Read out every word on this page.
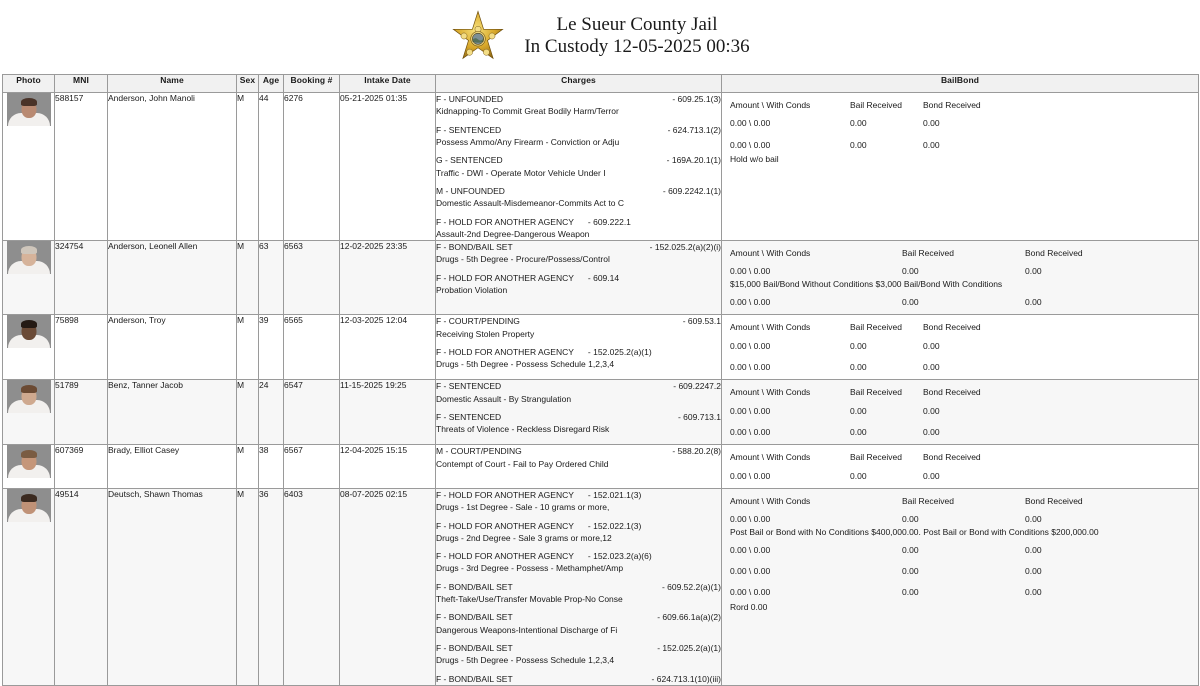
Le Sueur County Jail
In Custody 12-05-2025 00:36
Photo	MNI	Name	Sex	Age	Booking #	Intake Date	Charges	BailBond

	588157	Anderson, John Manoli	M	44	6276	05-21-2025 01:35	F - UNFOUNDED	- 609.25.1(3)
Kidnapping-To Commit Great Bodily Harm/Terror
F - SENTENCED	- 624.713.1(2)
Possess Ammo/Any Firearm - Conviction or Adju
G - SENTENCED	- 169A.20.1(1)
Traffic - DWI - Operate Motor Vehicle Under I
M - UNFOUNDED	- 609.2242.1(1)
Domestic Assault-Misdemeanor-Commits Act to C
F - HOLD FOR ANOTHER AGENCY	- 609.222.1
Assault-2nd Degree-Dangerous Weapon

Amount \ With Conds	Bail Received	Bond Received
0.00 \ 0.00	0.00	0.00
0.00 \ 0.00	0.00	0.00
Hold w/o bail

	324754	Anderson, Leonell Allen	M	63	6563	12-02-2025 23:35	F - BOND/BAIL SET	- 152.025.2(a)(2)(i)
Drugs - 5th Degree - Procure/Possess/Control
F - HOLD FOR ANOTHER AGENCY	- 609.14
Probation Violation

Amount \ With Conds	Bail Received	Bond Received
0.00 \ 0.00	0.00	0.00
$15,000 Bail/Bond Without Conditions $3,000 Bail/Bond With Conditions
0.00 \ 0.00	0.00	0.00

	75898	Anderson, Troy	M	39	6565	12-03-2025 12:04	F - COURT/PENDING	- 609.53.1
Receiving Stolen Property
F - HOLD FOR ANOTHER AGENCY	- 152.025.2(a)(1)
Drugs - 5th Degree - Possess Schedule 1,2,3,4

Amount \ With Conds	Bail Received	Bond Received
0.00 \ 0.00	0.00	0.00
0.00 \ 0.00	0.00	0.00

	51789	Benz, Tanner Jacob	M	24	6547	11-15-2025 19:25	F - SENTENCED	- 609.2247.2
Domestic Assault - By Strangulation
F - SENTENCED	- 609.713.1
Threats of Violence - Reckless Disregard Risk

Amount \ With Conds	Bail Received	Bond Received
0.00 \ 0.00	0.00	0.00
0.00 \ 0.00	0.00	0.00

	607369	Brady, Elliot Casey	M	38	6567	12-04-2025 15:15	M - COURT/PENDING	- 588.20.2(8)
Contempt of Court - Fail to Pay Ordered Child

Amount \ With Conds	Bail Received	Bond Received
0.00 \ 0.00	0.00	0.00

	49514	Deutsch, Shawn Thomas	M	36	6403	08-07-2025 02:15	F - HOLD FOR ANOTHER AGENCY	- 152.021.1(3)
Drugs - 1st Degree - Sale - 10 grams or more,
F - HOLD FOR ANOTHER AGENCY	- 152.022.1(3)
Drugs - 2nd Degree - Sale 3 grams or more,12
F - HOLD FOR ANOTHER AGENCY	- 152.023.2(a)(6)
Drugs - 3rd Degree - Possess - Methamphet/Amp
F - BOND/BAIL SET	- 609.52.2(a)(1)
Theft-Take/Use/Transfer Movable Prop-No Conse
F - BOND/BAIL SET	- 609.66.1a(a)(2)
Dangerous Weapons-Intentional Discharge of Fi
F - BOND/BAIL SET	- 152.025.2(a)(1)
Drugs - 5th Degree - Possess Schedule 1,2,3,4
F - BOND/BAIL SET	- 624.713.1(10)(iii)

Amount \ With Conds	Bail Received	Bond Received
0.00 \ 0.00	0.00	0.00
Post Bail or Bond with No Conditions $400,000.00. Post Bail or Bond with Conditions $200,000.00
0.00 \ 0.00	0.00	0.00
0.00 \ 0.00	0.00	0.00
0.00 \ 0.00	0.00	0.00
Rord 0.00
